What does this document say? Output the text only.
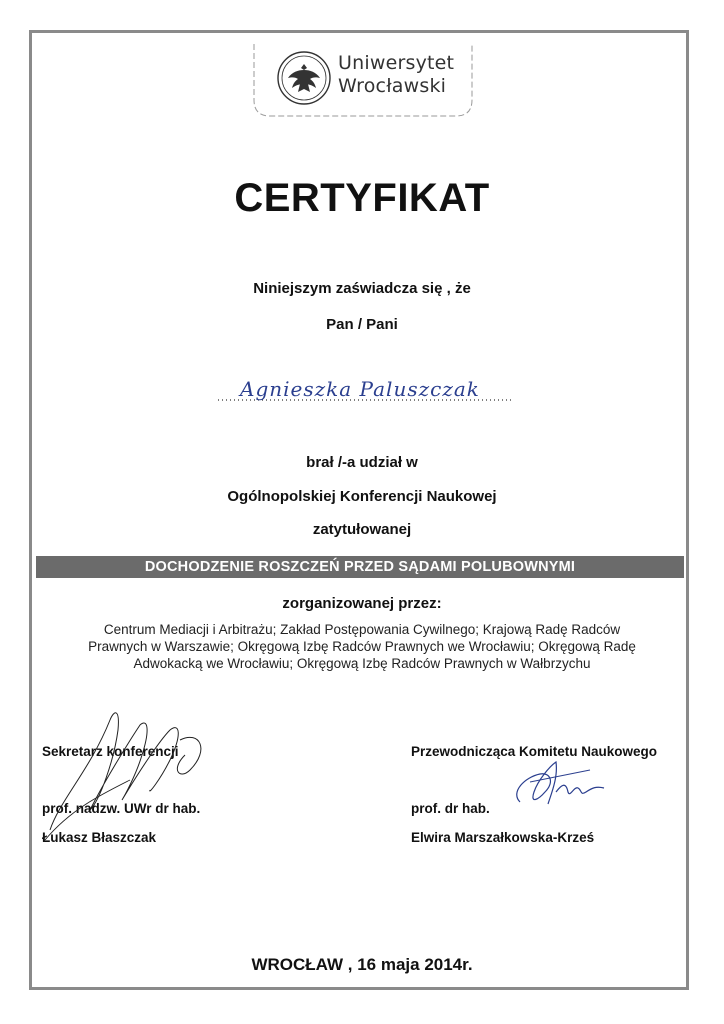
Uniwersytet
Wrocławski
CERTYFIKAT
Niniejszym zaświadcza się , że
Pan / Pani
Agnieszka Paluszczak
brał /-a udział w
Ogólnopolskiej Konferencji Naukowej
zatytułowanej
DOCHODZENIE ROSZCZEŃ PRZED SĄDAMI POLUBOWNYMI
zorganizowanej przez:
Centrum Mediacji i Arbitrażu; Zakład Postępowania Cywilnego; Krajową Radę Radców
Prawnych w Warszawie; Okręgową Izbę Radców Prawnych we Wrocławiu; Okręgową Radę
Adwokacką we Wrocławiu; Okręgową Izbę Radców Prawnych w Wałbrzychu
Sekretarz konferencji
prof. nadzw. UWr dr hab.
Łukasz Błaszczak
Przewodnicząca Komitetu Naukowego
prof. dr hab.
Elwira Marszałkowska-Krześ
WROCŁAW , 16 maja 2014r.
